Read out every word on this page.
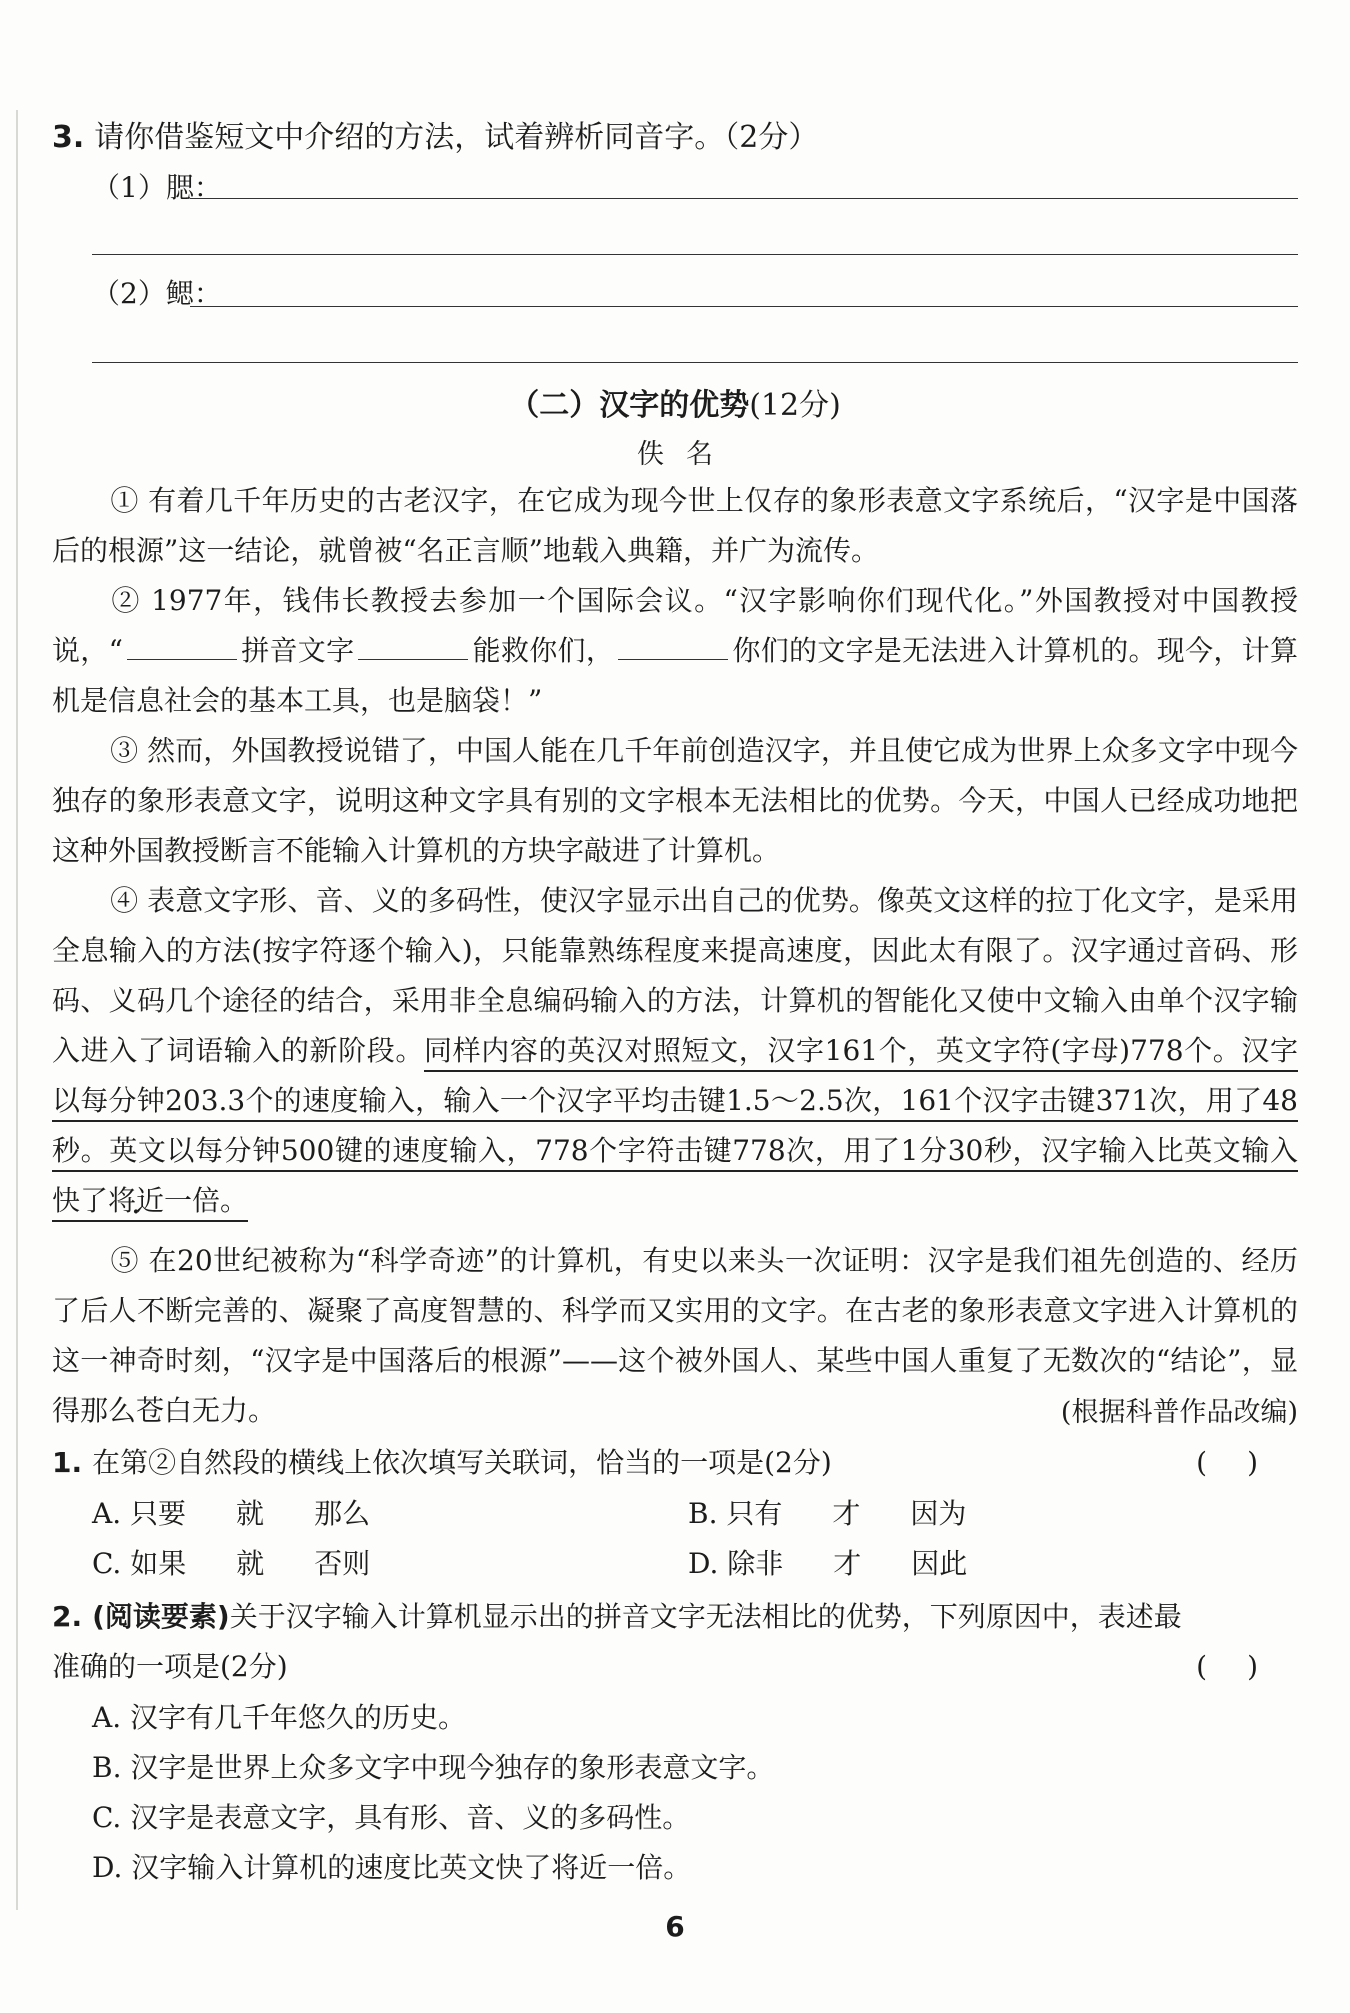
3. 请你借鉴短文中介绍的方法，试着辨析同音字。（2分）
（1）腮：
（2）鳃：
（二）汉字的优势(12分)
佚名

① 有着几千年历史的古老汉字，在它成为现今世上仅存的象形表意文字系统后，“汉字是中国落后的根源”这一结论，就曾被“名正言顺”地载入典籍，并广为流传。

② 1977年，钱伟长教授去参加一个国际会议。“汉字影响你们现代化。”外国教授对中国教授说，“	拼音文字	能救你们，	你们的文字是无法进入计算机的。现今，计算机是信息社会的基本工具，也是脑袋！”

③ 然而，外国教授说错了，中国人能在几千年前创造汉字，并且使它成为世界上众多文字中现今独存的象形表意文字，说明这种文字具有别的文字根本无法相比的优势。今天，中国人已经成功地把这种外国教授断言不能输入计算机的方块字敲进了计算机。

④ 表意文字形、音、义的多码性，使汉字显示出自己的优势。像英文这样的拉丁化文字，是采用全息输入的方法(按字符逐个输入)，只能靠熟练程度来提高速度，因此太有限了。汉字通过音码、形码、义码几个途径的结合，采用非全息编码输入的方法，计算机的智能化又使中文输入由单个汉字输入进入了词语输入的新阶段。同样内容的英汉对照短文，汉字161个，英文字符(字母)778个。汉字以每分钟203.3个的速度输入，输入一个汉字平均击键1.5～2.5次，161个汉字击键371次，用了48秒。英文以每分钟500键的速度输入，778个字符击键778次，用了1分30秒，汉字输入比英文输入快了将近一倍。

⑤ 在20世纪被称为“科学奇迹”的计算机，有史以来头一次证明：汉字是我们祖先创造的、经历了后人不断完善的、凝聚了高度智慧的、科学而又实用的文字。在古老的象形表意文字进入计算机的这一神奇时刻，“汉字是中国落后的根源”——这个被外国人、某些中国人重复了无数次的“结论”，显得那么苍白无力。	(根据科普作品改编)
1. 在第②自然段的横线上依次填写关联词，恰当的一项是(2分)	()
A. 只要 就 那么	B. 只有 才 因为
C. 如果 就 否则	D. 除非 才 因此

2. (阅读要素)关于汉字输入计算机显示出的拼音文字无法相比的优势，下列原因中，表述最准确的一项是(2分)	()
A. 汉字有几千年悠久的历史。
B. 汉字是世界上众多文字中现今独存的象形表意文字。
C. 汉字是表意文字，具有形、音、义的多码性。
D. 汉字输入计算机的速度比英文快了将近一倍。
6
